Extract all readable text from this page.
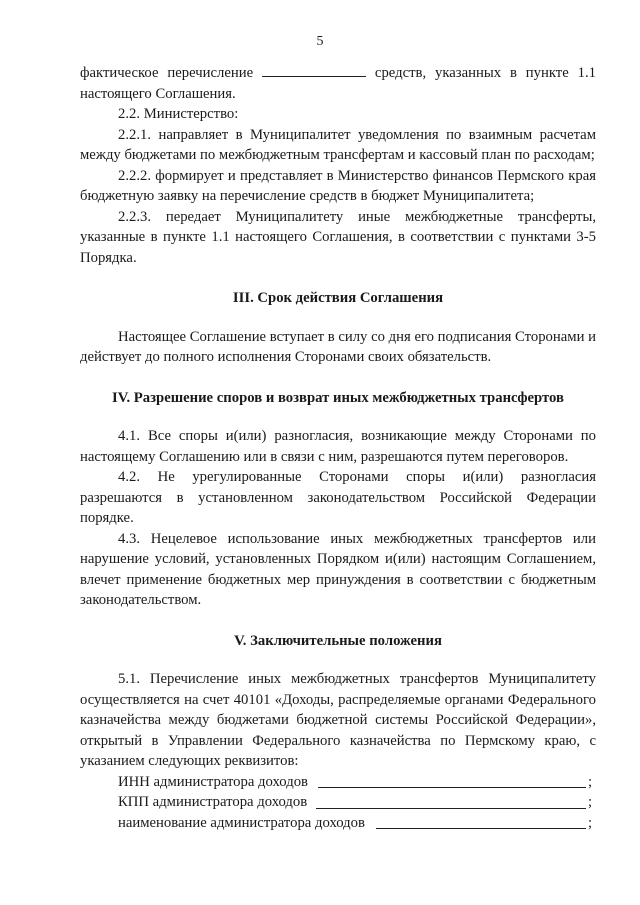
5

фактическое перечисление	средств, указанных в пункте 1.1 настоящего Соглашения.

2.2. Министерство:

2.2.1. направляет в Муниципалитет уведомления по взаимным расчетам между бюджетами по межбюджетным трансфертам и кассовый план по расходам;

2.2.2. формирует и представляет в Министерство финансов Пермского края бюджетную заявку на перечисление средств в бюджет Муниципалитета;

2.2.3. передает Муниципалитету иные межбюджетные трансферты, указанные в пункте 1.1 настоящего Соглашения, в соответствии с пунктами 3-5 Порядка.

III. Срок действия Соглашения

Настоящее Соглашение вступает в силу со дня его подписания Сторонами и действует до полного исполнения Сторонами своих обязательств.

IV. Разрешение споров и возврат иных межбюджетных трансфертов

4.1. Все споры и(или) разногласия, возникающие между Сторонами по настоящему Соглашению или в связи с ним, разрешаются путем переговоров.

4.2. Не урегулированные Сторонами споры и(или) разногласия разрешаются в установленном законодательством Российской Федерации порядке.

4.3. Нецелевое использование иных межбюджетных трансфертов или нарушение условий, установленных Порядком и(или) настоящим Соглашением, влечет применение бюджетных мер принуждения в соответствии с бюджетным законодательством.

V. Заключительные положения

5.1. Перечисление иных межбюджетных трансфертов Муниципалитету осуществляется на счет 40101 «Доходы, распределяемые органами Федерального казначейства между бюджетами бюджетной системы Российской Федерации», открытый в Управлении Федерального казначейства по Пермскому краю, с указанием следующих реквизитов:

ИНН администратора доходов	;
КПП администратора доходов	;
наименование администратора доходов	;
